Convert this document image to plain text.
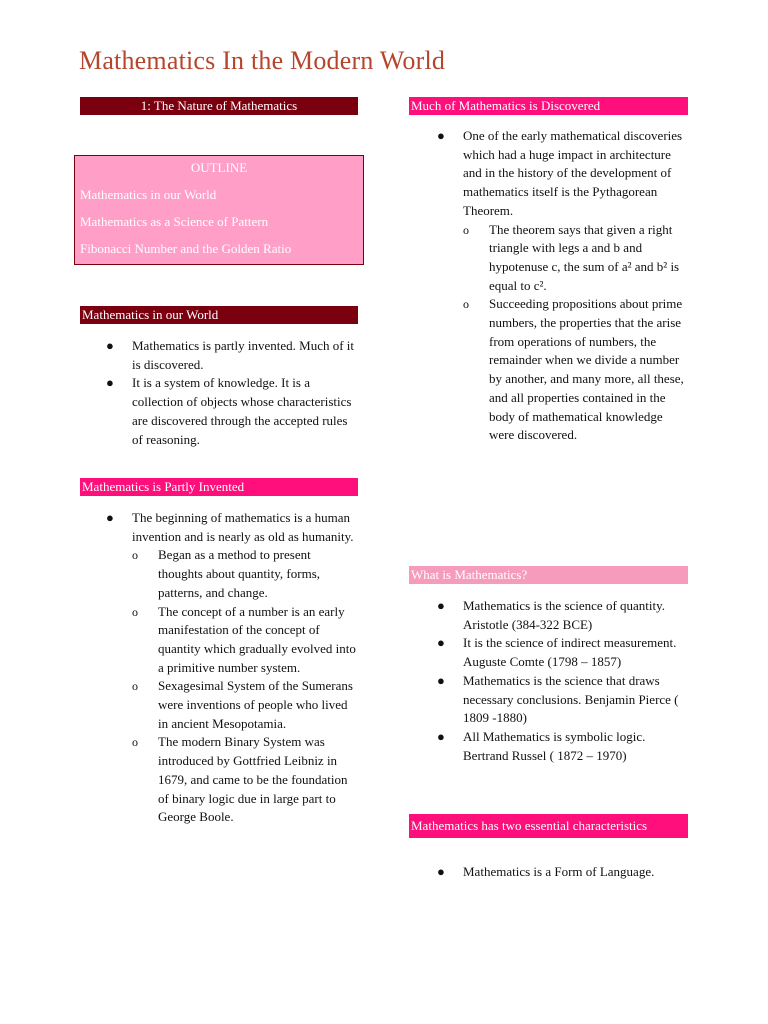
Mathematics In the Modern World
1: The Nature of Mathematics
OUTLINE
Mathematics in our World
Mathematics as a Science of Pattern
Fibonacci Number and the Golden Ratio
Mathematics in our World
●	Mathematics is partly invented. Much of it is discovered.
●	It is a system of knowledge. It is a collection of objects whose characteristics are discovered through the accepted rules of reasoning.
Mathematics is Partly Invented
●	The beginning of mathematics is a human invention and is nearly as old as humanity.
o Began as a method to present thoughts about quantity, forms, patterns, and change.
o The concept of a number is an early manifestation of the concept of quantity which gradually evolved into a primitive number system.
o Sexagesimal System of the Sumerans were inventions of people who lived in ancient Mesopotamia.
o The modern Binary System was introduced by Gottfried Leibniz in 1679, and came to be the foundation of binary logic due in large part to George Boole.
Much of Mathematics is Discovered
●	One of the early mathematical discoveries which had a huge impact in architecture and in the history of the development of mathematics itself is the Pythagorean Theorem.
o The theorem says that given a right triangle with legs a and b and hypotenuse c, the sum of a² and b² is equal to c².
o Succeeding propositions about prime numbers, the properties that the arise from operations of numbers, the remainder when we divide a number by another, and many more, all these, and all properties contained in the body of mathematical knowledge were discovered.
What is Mathematics?
●	Mathematics is the science of quantity. Aristotle (384-322 BCE)
●	It is the science of indirect measurement. Auguste Comte (1798 – 1857)
●	Mathematics is the science that draws necessary conclusions. Benjamin Pierce ( 1809 -1880)
●	All Mathematics is symbolic logic. Bertrand Russel ( 1872 – 1970)
Mathematics has two essential characteristics
●	Mathematics is a Form of Language.
